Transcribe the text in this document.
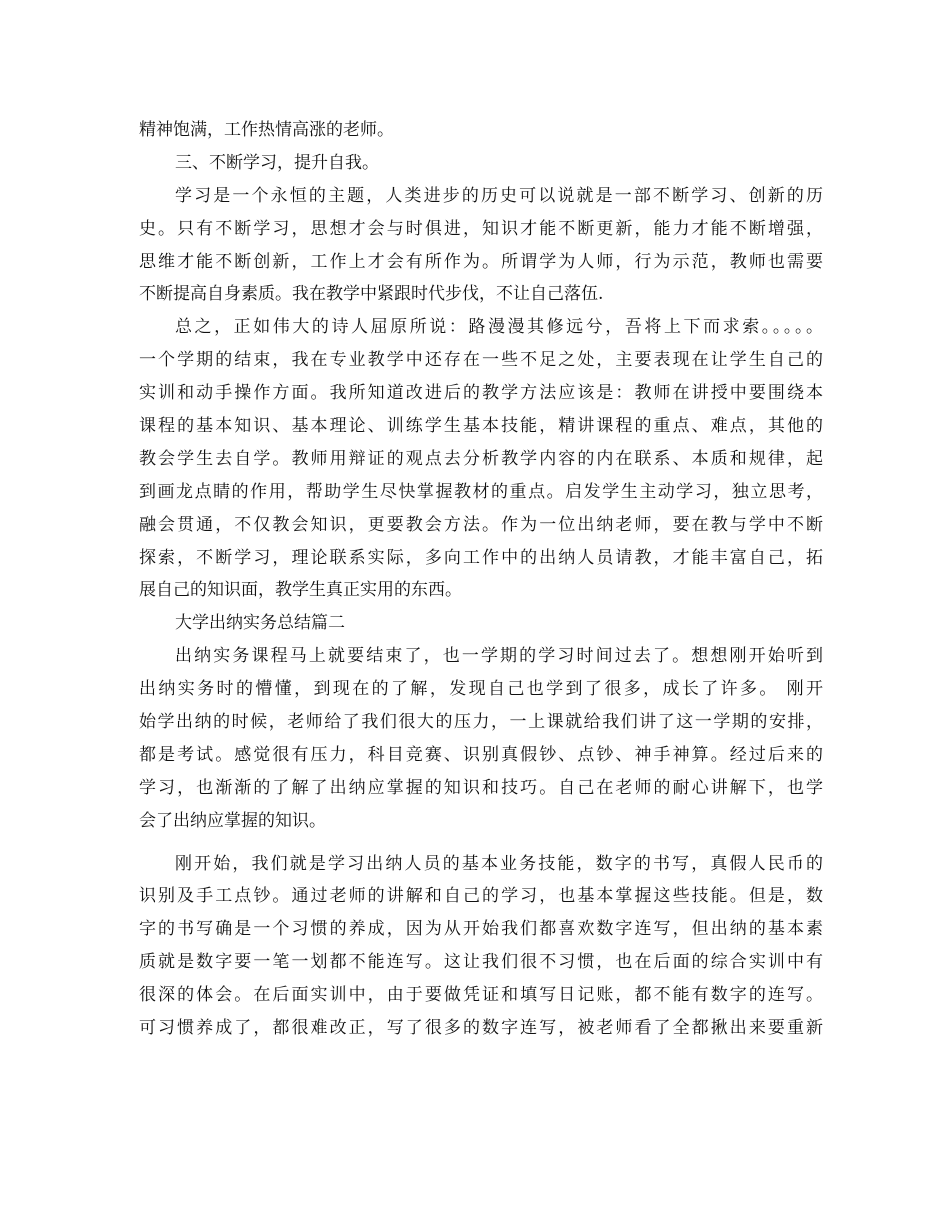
精神饱满，工作热情高涨的老师。
三、不断学习，提升自我。
学习是一个永恒的主题，人类进步的历史可以说就是一部不断学习、创新的历
史。只有不断学习，思想才会与时俱进，知识才能不断更新，能力才能不断增强，
思维才能不断创新，工作上才会有所作为。所谓学为人师，行为示范，教师也需要
不断提高自身素质。我在教学中紧跟时代步伐，不让自己落伍.
总之，正如伟大的诗人屈原所说：路漫漫其修远兮，吾将上下而求索。。。。。
一个学期的结束，我在专业教学中还存在一些不足之处，主要表现在让学生自己的
实训和动手操作方面。我所知道改进后的教学方法应该是：教师在讲授中要围绕本
课程的基本知识、基本理论、训练学生基本技能，精讲课程的重点、难点，其他的
教会学生去自学。教师用辩证的观点去分析教学内容的内在联系、本质和规律，起
到画龙点睛的作用，帮助学生尽快掌握教材的重点。启发学生主动学习，独立思考，
融会贯通，不仅教会知识，更要教会方法。作为一位出纳老师，要在教与学中不断
探索，不断学习，理论联系实际，多向工作中的出纳人员请教，才能丰富自己，拓
展自己的知识面，教学生真正实用的东西。
大学出纳实务总结篇二
出纳实务课程马上就要结束了，也一学期的学习时间过去了。想想刚开始听到
出纳实务时的懵懂，到现在的了解，发现自己也学到了很多，成长了许多。 刚开
始学出纳的时候，老师给了我们很大的压力，一上课就给我们讲了这一学期的安排，
都是考试。感觉很有压力，科目竞赛、识别真假钞、点钞、神手神算。经过后来的
学习，也渐渐的了解了出纳应掌握的知识和技巧。自己在老师的耐心讲解下，也学
会了出纳应掌握的知识。
刚开始，我们就是学习出纳人员的基本业务技能，数字的书写，真假人民币的
识别及手工点钞。通过老师的讲解和自己的学习，也基本掌握这些技能。但是，数
字的书写确是一个习惯的养成，因为从开始我们都喜欢数字连写，但出纳的基本素
质就是数字要一笔一划都不能连写。这让我们很不习惯，也在后面的综合实训中有
很深的体会。在后面实训中，由于要做凭证和填写日记账，都不能有数字的连写。
可习惯养成了，都很难改正，写了很多的数字连写，被老师看了全都揪出来要重新
